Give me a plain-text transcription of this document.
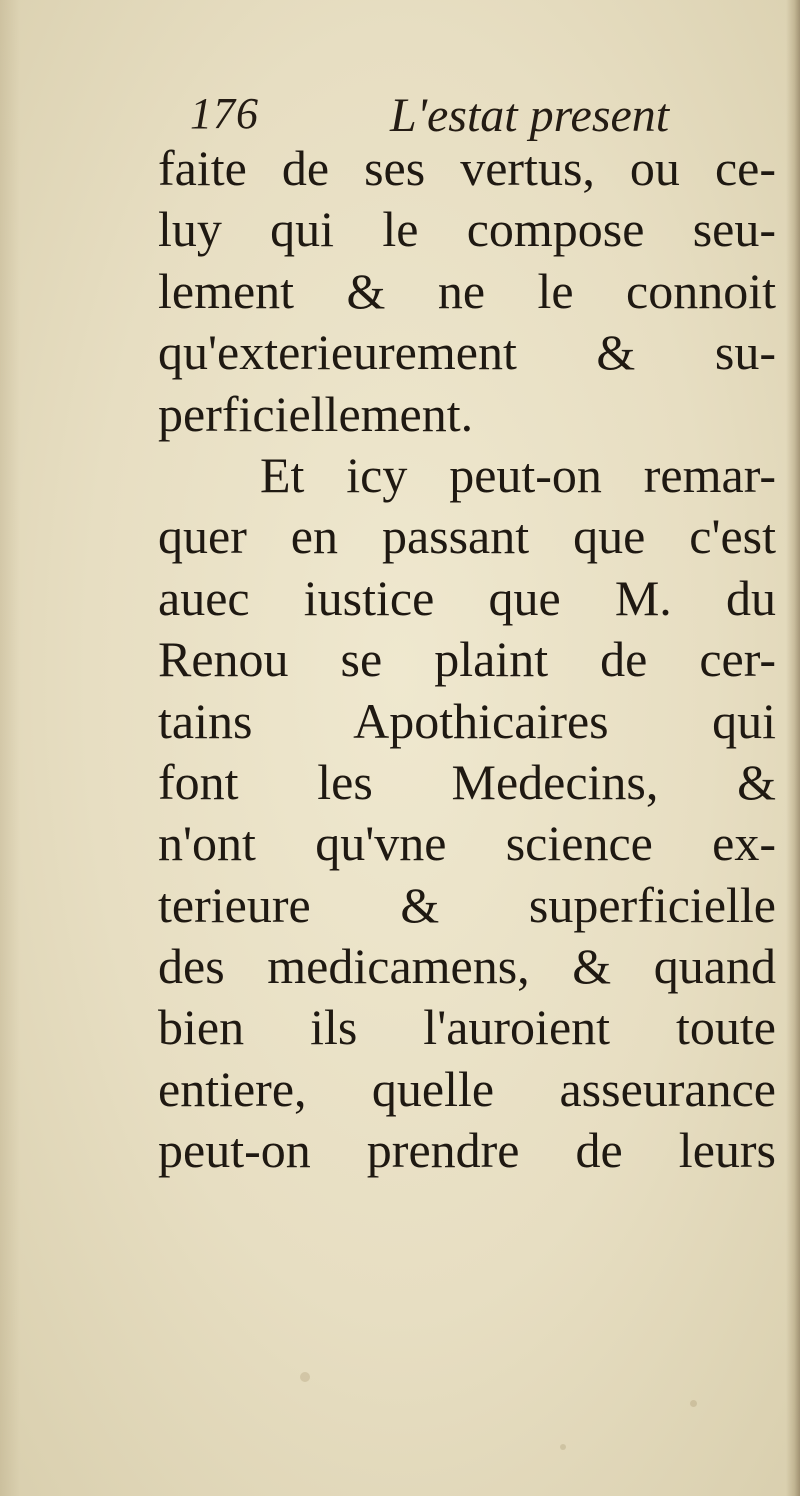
176	L'estat present
faite de ses vertus, ou ce-
luy qui le compose seu-
lement & ne le connoit
qu'exterieurement & su-
perficiellement.
Et icy peut-on remar-
quer en passant que c'est
auec iustice que M. du
Renou se plaint de cer-
tains Apothicaires qui
font les Medecins, &
n'ont qu'vne science ex-
terieure & superficielle
des medicamens, & quand
bien ils l'auroient toute
entiere, quelle asseurance
peut-on prendre de leurs
